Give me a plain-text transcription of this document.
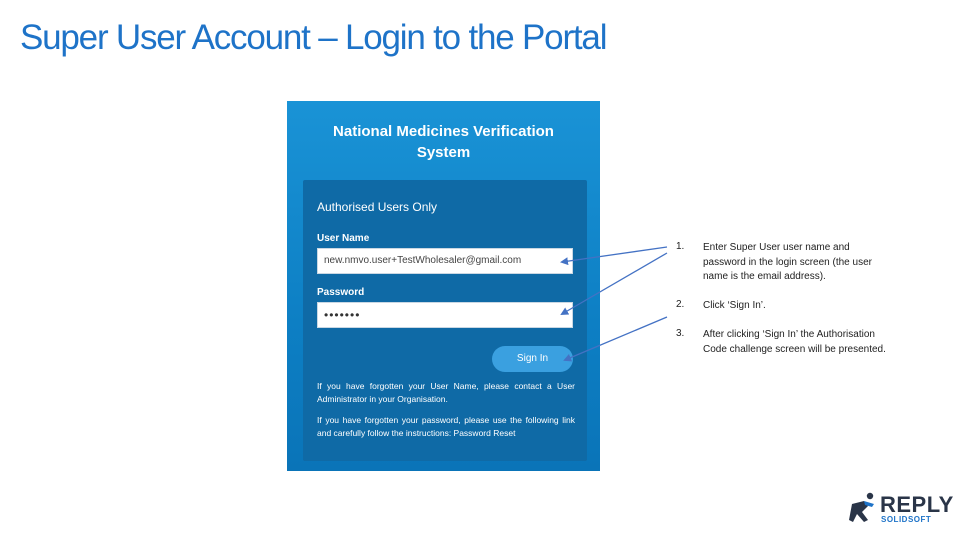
Super User Account – Login to the Portal
National Medicines Verification System
Authorised Users Only
User Name
new.nmvo.user+TestWholesaler@gmail.com
Password
•••••••
Sign In
If you have forgotten your User Name, please contact a User Administrator in your Organisation.
If you have forgotten your password, please use the following link and carefully follow the instructions: Password Reset
1. Enter Super User user name and password in the login screen (the user name is the email address).
2. Click ‘Sign In’.
3. After clicking ‘Sign In’ the Authorisation Code challenge screen will be presented.
REPLY
SOLIDSOFT
